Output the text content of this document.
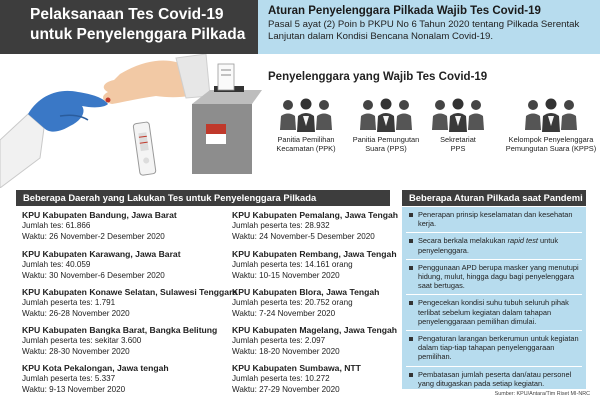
Pelaksanaan Tes Covid-19
untuk Penyelenggara Pilkada
Aturan Penyelenggara Pilkada Wajib Tes Covid-19
Pasal 5 ayat (2) Poin b PKPU No 6 Tahun 2020 tentang Pilkada Serentak Lanjutan dalam Kondisi Bencana Nonalam Covid-19.
Penyelenggara yang Wajib Tes Covid-19
Panitia Pemilihan
Kecamatan (PPK)
Panitia Pemungutan
Suara (PPS)
Sekretariat
PPS
Kelompok Penyelenggara
Pemungutan Suara (KPPS)
Beberapa Daerah yang Lakukan Tes untuk Penyelenggara Pilkada	Beberapa Aturan Pilkada saat Pandemi
KPU Kabupaten Bandung, Jawa Barat
Jumlah tes: 61.866
Waktu: 26 November-2 Desember 2020
KPU Kabupaten Karawang, Jawa Barat
Jumlah tes: 40.059
Waktu: 30 November-6 Desember 2020
KPU Kabupaten Konawe Selatan, Sulawesi Tenggara
Jumlah peserta tes: 1.791
Waktu: 26-28 November 2020
KPU Kabupaten Bangka Barat, Bangka Belitung
Jumlah peserta tes: sekitar 3.600
Waktu: 28-30 November 2020
KPU Kota Pekalongan, Jawa tengah
Jumlah peserta tes: 5.337
Waktu: 9-13 November 2020
KPU Kabupaten Pemalang, Jawa Tengah
Jumlah peserta tes: 28.932
Waktu: 24 November-5 Desember 2020
KPU Kabupaten Rembang, Jawa Tengah
Jumlah peserta tes: 14.161 orang
Waktu: 10-15 November 2020
KPU Kabupaten Blora, Jawa Tengah
Jumlah peserta tes: 20.752 orang
Waktu: 7-24 November 2020
KPU Kabupaten Magelang, Jawa Tengah
Jumlah peserta tes: 2.097
Waktu: 18-20 November 2020
KPU Kabupaten Sumbawa, NTT
Jumlah peserta tes: 10.272
Waktu: 27-29 November 2020
Penerapan prinsip keselamatan dan kesehatan kerja.
Secara berkala melakukan rapid test untuk penyelenggara.
Penggunaan APD berupa masker yang menutupi hidung, mulut, hingga dagu bagi penyelenggara saat bertugas.
Pengecekan kondisi suhu tubuh seluruh pihak terlibat sebelum kegiatan dalam tahapan penyelenggaraan pemilihan dimulai.
Pengaturan larangan berkerumun untuk kegiatan dalam tiap-tiap tahapan penyelenggaraan pemilihan.
Pembatasan jumlah peserta dan/atau personel yang ditugaskan pada setiap kegiatan.
Sumber: KPU/Antara/Tim Riset MI-NRC
